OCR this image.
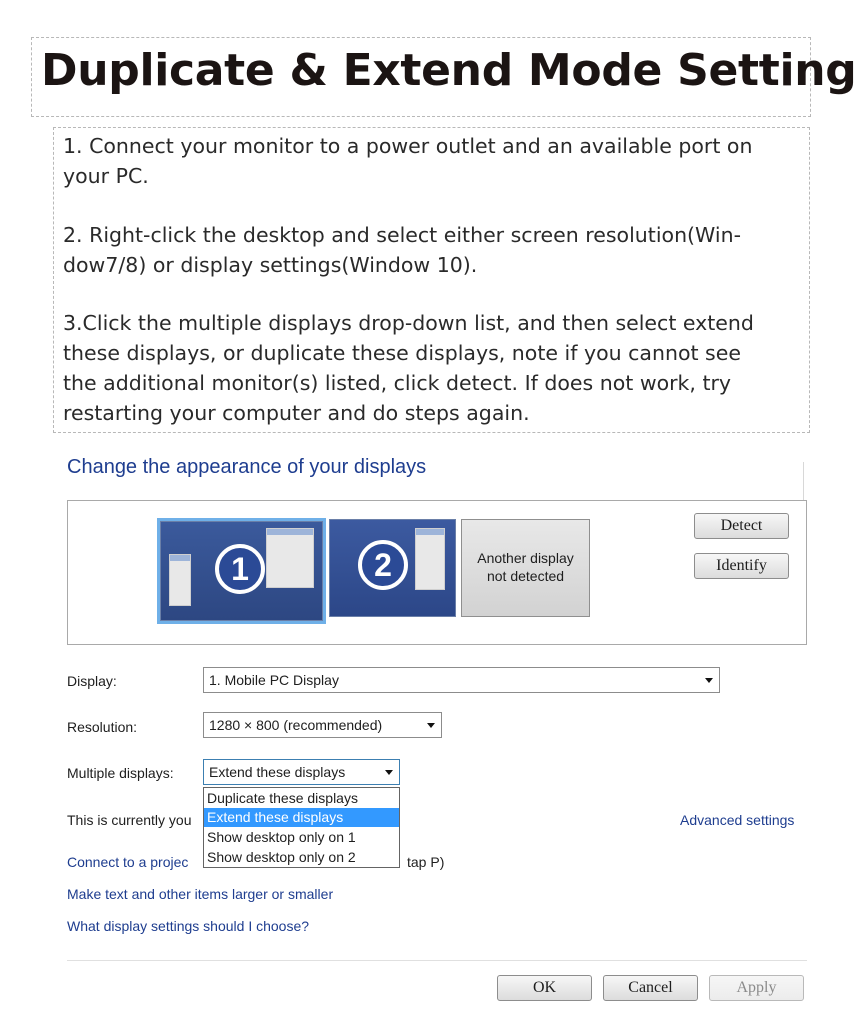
Duplicate & Extend Mode Setting
1. Connect your monitor to a power outlet and an available port on
your PC.
2. Right-click the desktop and select either screen resolution(Win-
dow7/8) or display settings(Window 10).
3.Click the multiple displays drop-down list, and then select extend
these displays, or duplicate these displays, note if you cannot see
the additional monitor(s) listed, click detect. If does not work, try
restarting your computer and do steps again.
Change the appearance of your displays
1	2	Another display
not detected
Detect
Identify
Display:	1. Mobile PC Display
Resolution:	1280 × 800 (recommended)
Multiple displays:	Extend these displays
This is currently you	Advanced settings
Connect to a projec	tap P)
Duplicate these displays
Extend these displays
Show desktop only on 1
Show desktop only on 2
Make text and other items larger or smaller
What display settings should I choose?
OK	Cancel	Apply
